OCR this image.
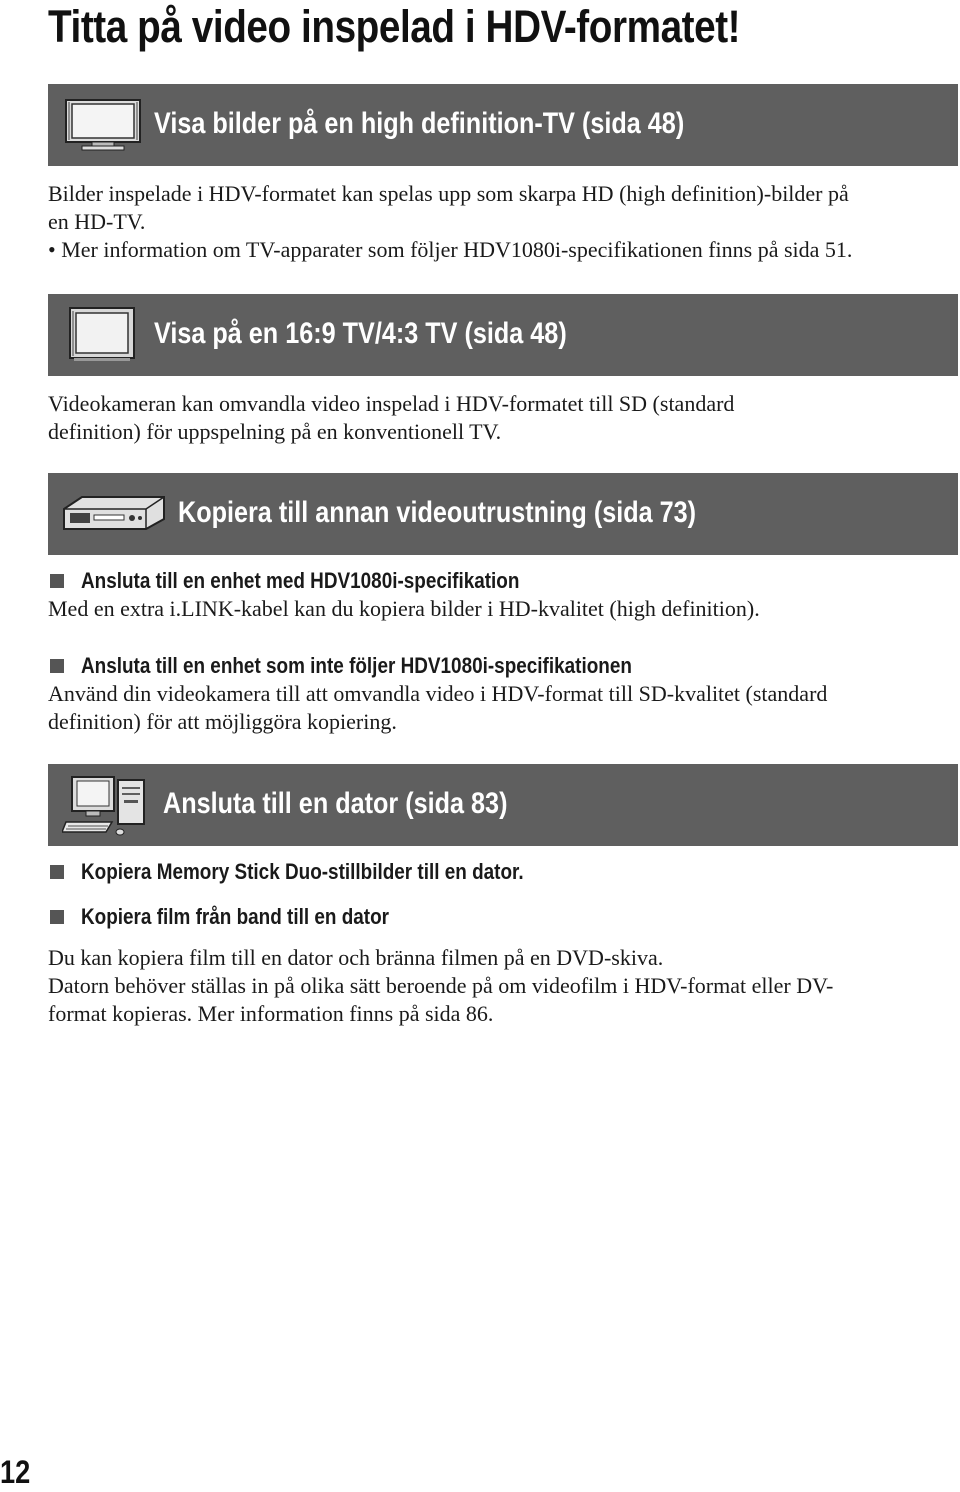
Titta på video inspelad i HDV-formatet!
Visa bilder på en high definition-TV (sida 48)

Bilder inspelade i HDV-formatet kan spelas upp som skarpa HD (high definition)-bilder på en HD-TV.

• Mer information om TV-apparater som följer HDV1080i-specifikationen finns på sida 51.

Visa på en 16:9 TV/4:3 TV (sida 48)

Videokameran kan omvandla video inspelad i HDV-formatet till SD (standard definition) för uppspelning på en konventionell TV.

Kopiera till annan videoutrustning (sida 73)
Ansluta till en enhet med HDV1080i-specifikation

Med en extra i.LINK-kabel kan du kopiera bilder i HD-kvalitet (high definition).

Ansluta till en enhet som inte följer HDV1080i-specifikationen

Använd din videokamera till att omvandla video i HDV-format till SD-kvalitet (standard definition) för att möjliggöra kopiering.

Ansluta till en dator (sida 83)
Kopiera Memory Stick Duo-stillbilder till en dator.
Kopiera film från band till en dator

Du kan kopiera film till en dator och bränna filmen på en DVD-skiva.

Datorn behöver ställas in på olika sätt beroende på om videofilm i HDV-format eller DV-format kopieras. Mer information finns på sida 86.

12
